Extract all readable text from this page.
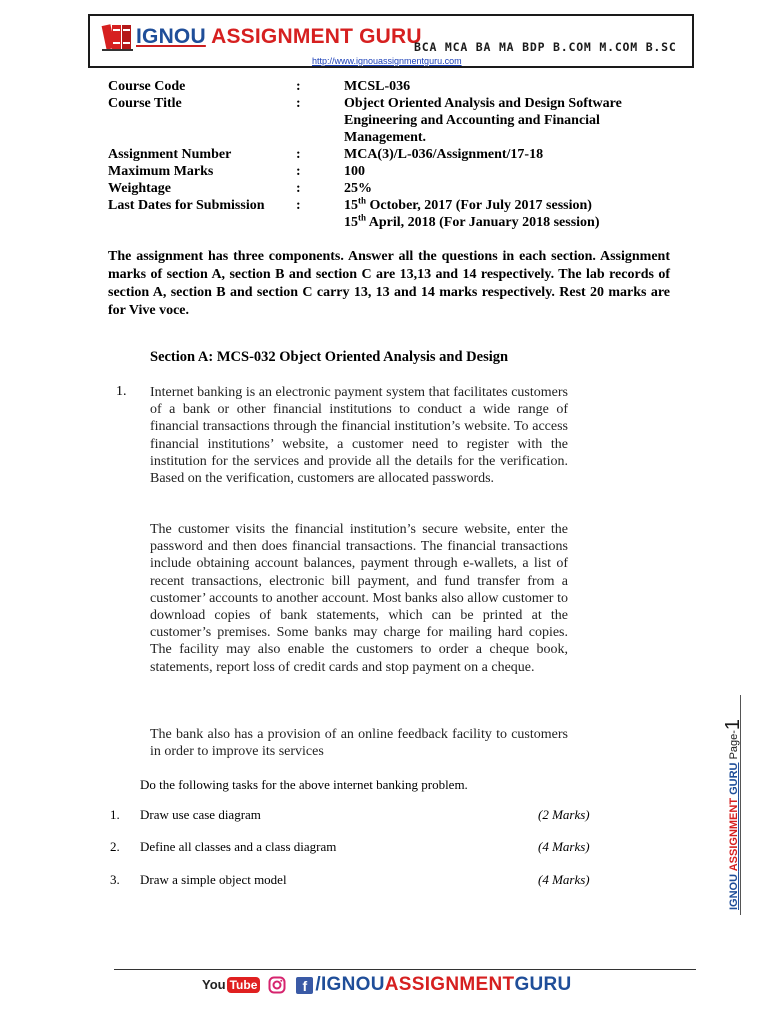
IGNOU ASSIGNMENT GURU
BCA MCA BA MA BDP B.COM M.COM B.SC
http://www.ignouassignmentguru.com
Course Code	:	MCSL-036
Course Title	:	Object Oriented Analysis and Design Software Engineering and Accounting and Financial Management.
Assignment Number	:	MCA(3)/L-036/Assignment/17-18
Maximum Marks	:	100
Weightage	:	25%
Last Dates for Submission	:	15th October, 2017 (For July 2017 session)
15th April, 2018 (For January 2018 session)

The assignment has three components. Answer all the questions in each section. Assignment marks of section A, section B and section C are 13,13 and 14 respectively. The lab records of section A, section B and section C carry 13, 13 and 14 marks respectively. Rest 20 marks are for Vive voce.

Section A: MCS-032 Object Oriented Analysis and Design
1. Internet banking is an electronic payment system that facilitates customers of a bank or other financial institutions to conduct a wide range of financial transactions through the financial institution’s website. To access financial institutions’ website, a customer need to register with the institution for the services and provide all the details for the verification. Based on the verification, customers are allocated passwords.

The customer visits the financial institution’s secure website, enter the password and then does financial transactions. The financial transactions include obtaining account balances, payment through e-wallets, a list of recent transactions, electronic bill payment, and fund transfer from a customer’ accounts to another account. Most banks also allow customer to download copies of bank statements, which can be printed at the customer’s premises. Some banks may charge for mailing hard copies. The facility may also enable the customers to order a cheque book, statements, report loss of credit cards and stop payment on a cheque.

The bank also has a provision of an online feedback facility to customers in order to improve its services

Do the following tasks for the above internet banking problem.
1. Draw use case diagram	(2 Marks)
2. Define all classes and a class diagram	(4 Marks)
3. Draw a simple object model	(4 Marks)	IGNOU ASSIGNMENT GURU Page-1
You Tube	f /IGNOUASSIGNMENTGURU
